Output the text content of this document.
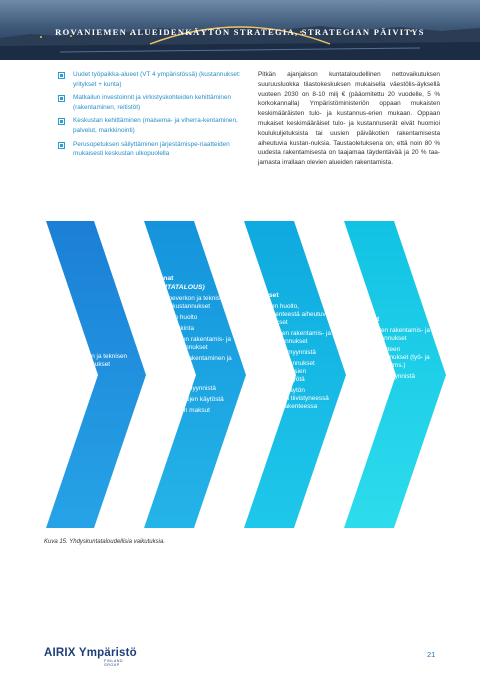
ROVANIEMEN ALUEIDENKÄYTÖN STRATEGIA, STRATEGIAN PÄIVITYS
Uudet työpaikka-alueet (VT 4 ympäristössä) (kustannukset: yritykset + kunta)
Matkailun investoinnit ja virkistyskohteiden kehittäminen (rakentaminen, reitistöt)
Keskustan kehittäminen (maisema- ja viherra-kentaminen, palvelut, markkinointi)
Perusopetuksen säilyttäminen järjestämispe-riaatteiden mukaisesti keskustan ulkopuolella
Pitkän ajanjakson kuntataloudellinen nettovaikutuksen suuruusluokka tilastokeskuksen mukaisella väestölis-äyksellä vuoteen 2030 on 8-10 milj € (pääomitettu 20 vuodelle, 5 % korkokannalla) Ympäristöministeriön oppaan mukaisten keskimääräisten tulo- ja kustannus-erien mukaan. Oppaan mukaiset keskimääräiset tulo- ja kustannuserät eivät huomioi koulukuljetuksista tai uusien päiväkotien rakentamisesta aiheutuvia kustan-nuksia. Taustaoletuksena on, että noin 80 % uudesta rakentamisesta on taajamaa täydentävää ja 20 % taa-jamasta irrallaan olevien alueiden rakentamista.
Valtio
- liikenneverkon ja teknisen huollon kustannukset
- tekninen huolto
- maanhankinta
Kunnat
(KUNTATALOUS)
- liikenneverkon ja teknisen huollon kustannukset
- tekninen huolto
- maanhankinta
- rakennusten rakentamis- ja ylläpitokustannukset
-palveluiden rakentaminen ja toimintamenot
+ verotulot
+ tulot maan myynnistä
+ tulot palvelujen käytöstä
+ vesihuollon maksut
Yritykset
- tekninen huolto, tavaraliikenteestä aiheutuvat kustannukset
- rakennusten rakentamis- ja ylläpitokustannukset
+ tulot maan myynnistä
+ kuljetuskustannukset pienevät yhteyksien kehittymisen myötä
+ palvelujen käytön lisääntyminen tiivistyneessä yhdyskuntarakenteessa
Asukkaat
- rakennusten rakentamis- ja ylläpitokustannukset
- henkilöliikenteen liikennekustannukset (työ- ja asiointimatkat yms.)
+ tulot maan myynnistä
Kuva 15. Yhdyskuntataloudellisia vaikutuksia.
AIRIX Ympäristö
FINLAND GROUP
21
